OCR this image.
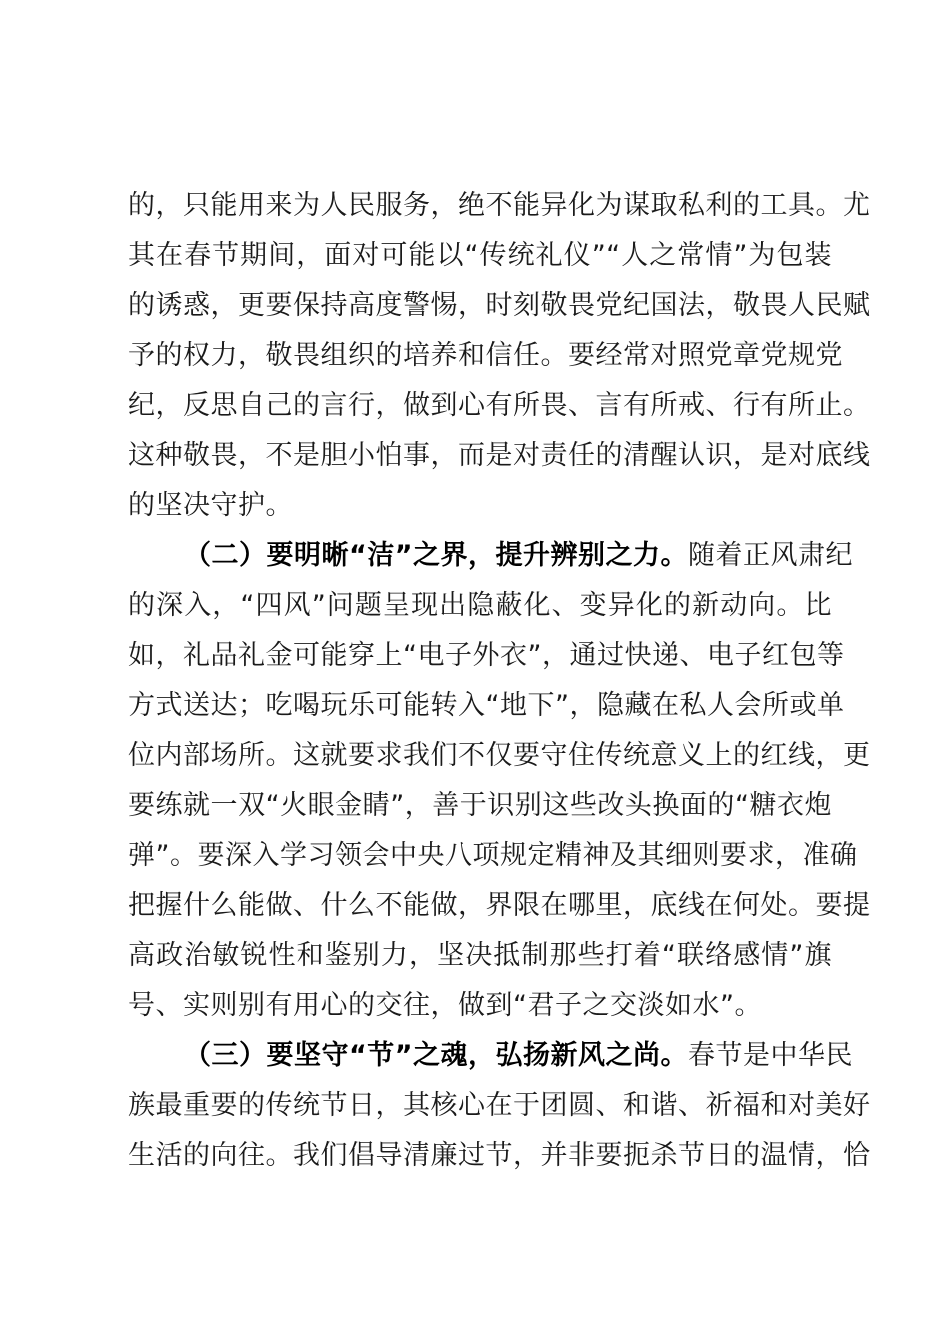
的，只能用来为人民服务，绝不能异化为谋取私利的工具。尤
其在春节期间，面对可能以“传统礼仪”“人之常情”为包装
的诱惑，更要保持高度警惕，时刻敬畏党纪国法，敬畏人民赋
予的权力，敬畏组织的培养和信任。要经常对照党章党规党
纪，反思自己的言行，做到心有所畏、言有所戒、行有所止。
这种敬畏，不是胆小怕事，而是对责任的清醒认识，是对底线
的坚决守护。
（二）要明晰“洁”之界，提升辨别之力。随着正风肃纪
的深入，“四风”问题呈现出隐蔽化、变异化的新动向。比
如，礼品礼金可能穿上“电子外衣”，通过快递、电子红包等
方式送达；吃喝玩乐可能转入“地下”，隐藏在私人会所或单
位内部场所。这就要求我们不仅要守住传统意义上的红线，更
要练就一双“火眼金睛”，善于识别这些改头换面的“糖衣炮
弹”。要深入学习领会中央八项规定精神及其细则要求，准确
把握什么能做、什么不能做，界限在哪里，底线在何处。要提
高政治敏锐性和鉴别力，坚决抵制那些打着“联络感情”旗
号、实则别有用心的交往，做到“君子之交淡如水”。
（三）要坚守“节”之魂，弘扬新风之尚。春节是中华民
族最重要的传统节日，其核心在于团圆、和谐、祈福和对美好
生活的向往。我们倡导清廉过节，并非要扼杀节日的温情，恰
